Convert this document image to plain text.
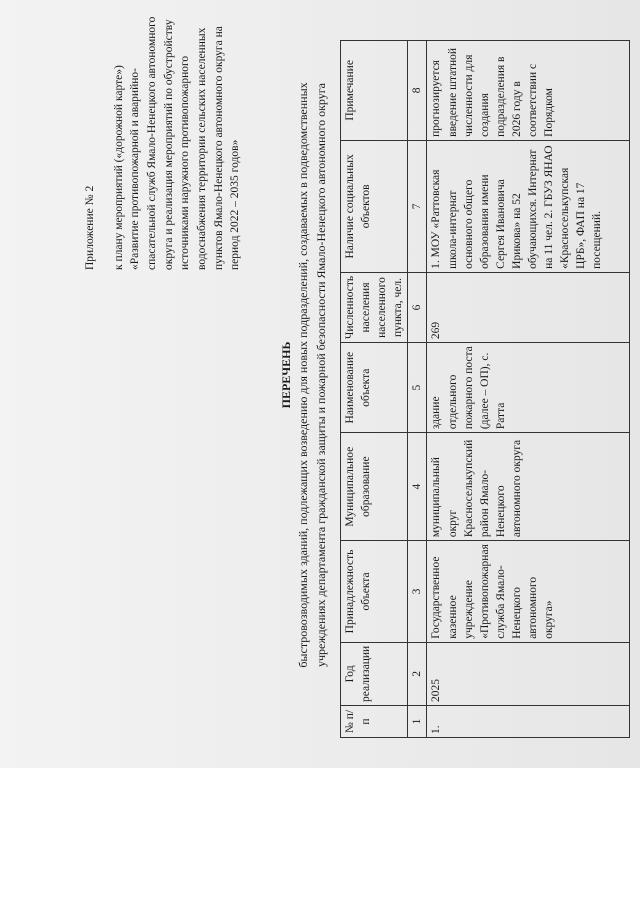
Приложение № 2 к плану мероприятий («дорожной карте») «Развитие противопожарной и аварийно-спасательной служб Ямало-Ненецкого автономного округа и реализация мероприятий по обустройству источниками наружного противопожарного водоснабжения территории сельских населенных пунктов Ямало-Ненецкого автономного округа на период 2022 – 2035 годов»
ПЕРЕЧЕНЬ быстровозводимых зданий, подлежащих возведению для новых подразделений, создаваемых в подведомственных учреждениях департамента гражданской защиты и пожарной безопасности Ямало-Ненецкого автономного округа
№ п/п	Год реализации	Принадлежность объекта	Муниципальное образование	Наименование объекта	Численность населения населенного пункта, чел.	Наличие социальных объектов	Примечание
1	2	3	4	5	6	7	8
1.	2025	Государственное казенное учреждение «Противопожарная служба Ямало-Ненецкого автономного округа»	муниципальный округ Красноселькупский район Ямало-Ненецкого автономного округа	здание отдельного пожарного поста (далее – ОП), с. Ратта	269	1. МОУ «Раттовская школа-интернат основного общего образования имени Сергея Ивановича Ирикова» на 52 обучающихся. Интернат на 11 чел. 2. ГБУЗ ЯНАО «Красноселькупская ЦРБ», ФАП на 17 посещений.	прогнозируется введение штатной численности для создания подразделения в 2026 году в соответствии с Порядком
